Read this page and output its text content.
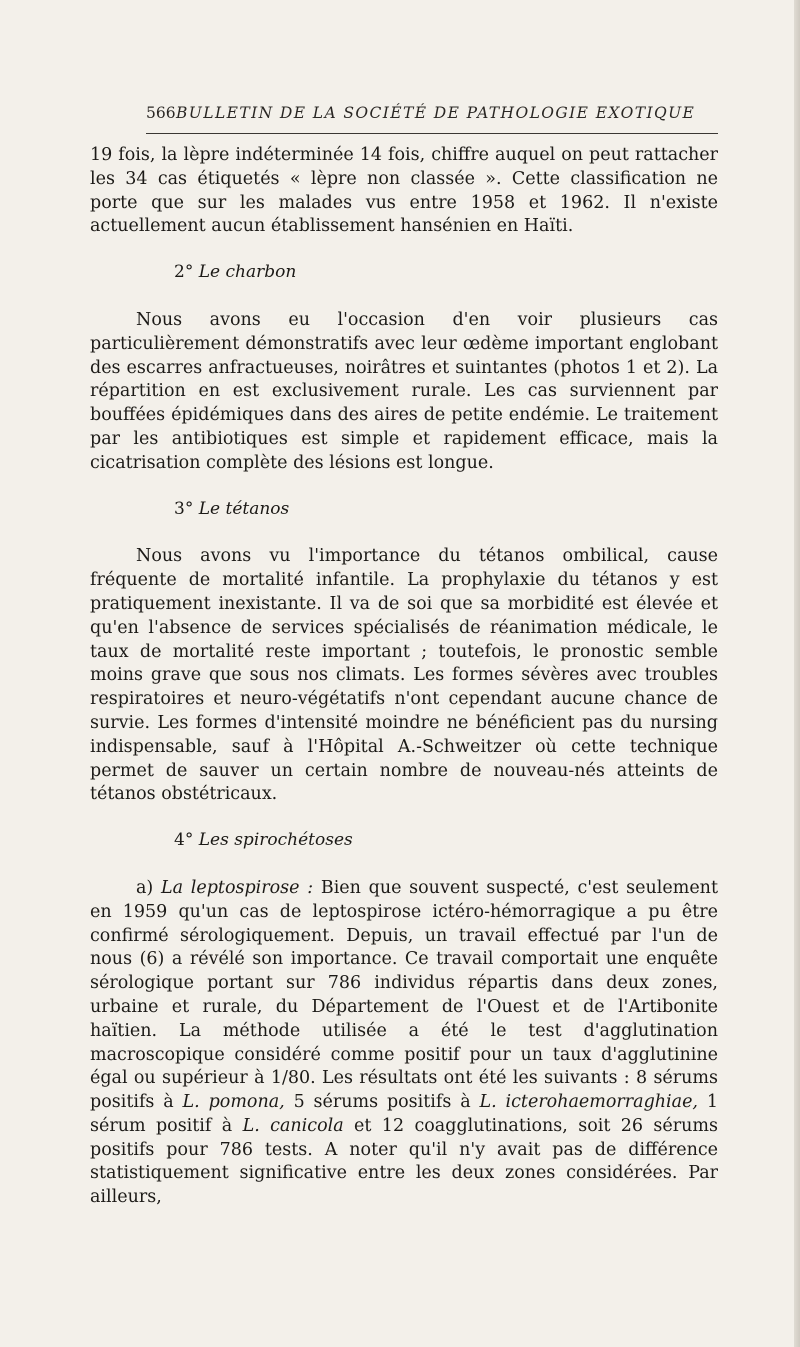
566 BULLETIN DE LA SOCIÉTÉ DE PATHOLOGIE EXOTIQUE

19 fois, la lèpre indéterminée 14 fois, chiffre auquel on peut rattacher les 34 cas étiquetés « lèpre non classée ». Cette classification ne porte que sur les malades vus entre 1958 et 1962. Il n'existe actuellement aucun établissement hansénien en Haïti.

2° Le charbon

Nous avons eu l'occasion d'en voir plusieurs cas particulièrement démonstratifs avec leur œdème important englobant des escarres anfractueuses, noirâtres et suintantes (photos 1 et 2). La répartition en est exclusivement rurale. Les cas surviennent par bouffées épidémiques dans des aires de petite endémie. Le traitement par les antibiotiques est simple et rapidement efficace, mais la cicatrisation complète des lésions est longue.

3° Le tétanos

Nous avons vu l'importance du tétanos ombilical, cause fréquente de mortalité infantile. La prophylaxie du tétanos y est pratiquement inexistante. Il va de soi que sa morbidité est élevée et qu'en l'absence de services spécialisés de réanimation médicale, le taux de mortalité reste important ; toutefois, le pronostic semble moins grave que sous nos climats. Les formes sévères avec troubles respiratoires et neuro-végétatifs n'ont cependant aucune chance de survie. Les formes d'intensité moindre ne bénéficient pas du nursing indispensable, sauf à l'Hôpital A.-Schweitzer où cette technique permet de sauver un certain nombre de nouveau-nés atteints de tétanos obstétricaux.

4° Les spirochétoses

a) La leptospirose : Bien que souvent suspecté, c'est seulement en 1959 qu'un cas de leptospirose ictéro-hémorragique a pu être confirmé sérologiquement. Depuis, un travail effectué par l'un de nous (6) a révélé son importance. Ce travail comportait une enquête sérologique portant sur 786 individus répartis dans deux zones, urbaine et rurale, du Département de l'Ouest et de l'Artibonite haïtien. La méthode utilisée a été le test d'agglutination macroscopique considéré comme positif pour un taux d'agglutinine égal ou supérieur à 1/80. Les résultats ont été les suivants : 8 sérums positifs à L. pomona, 5 sérums positifs à L. icterohaemorraghiae, 1 sérum positif à L. canicola et 12 coagglutinations, soit 26 sérums positifs pour 786 tests. A noter qu'il n'y avait pas de différence statistiquement significative entre les deux zones considérées. Par ailleurs,
